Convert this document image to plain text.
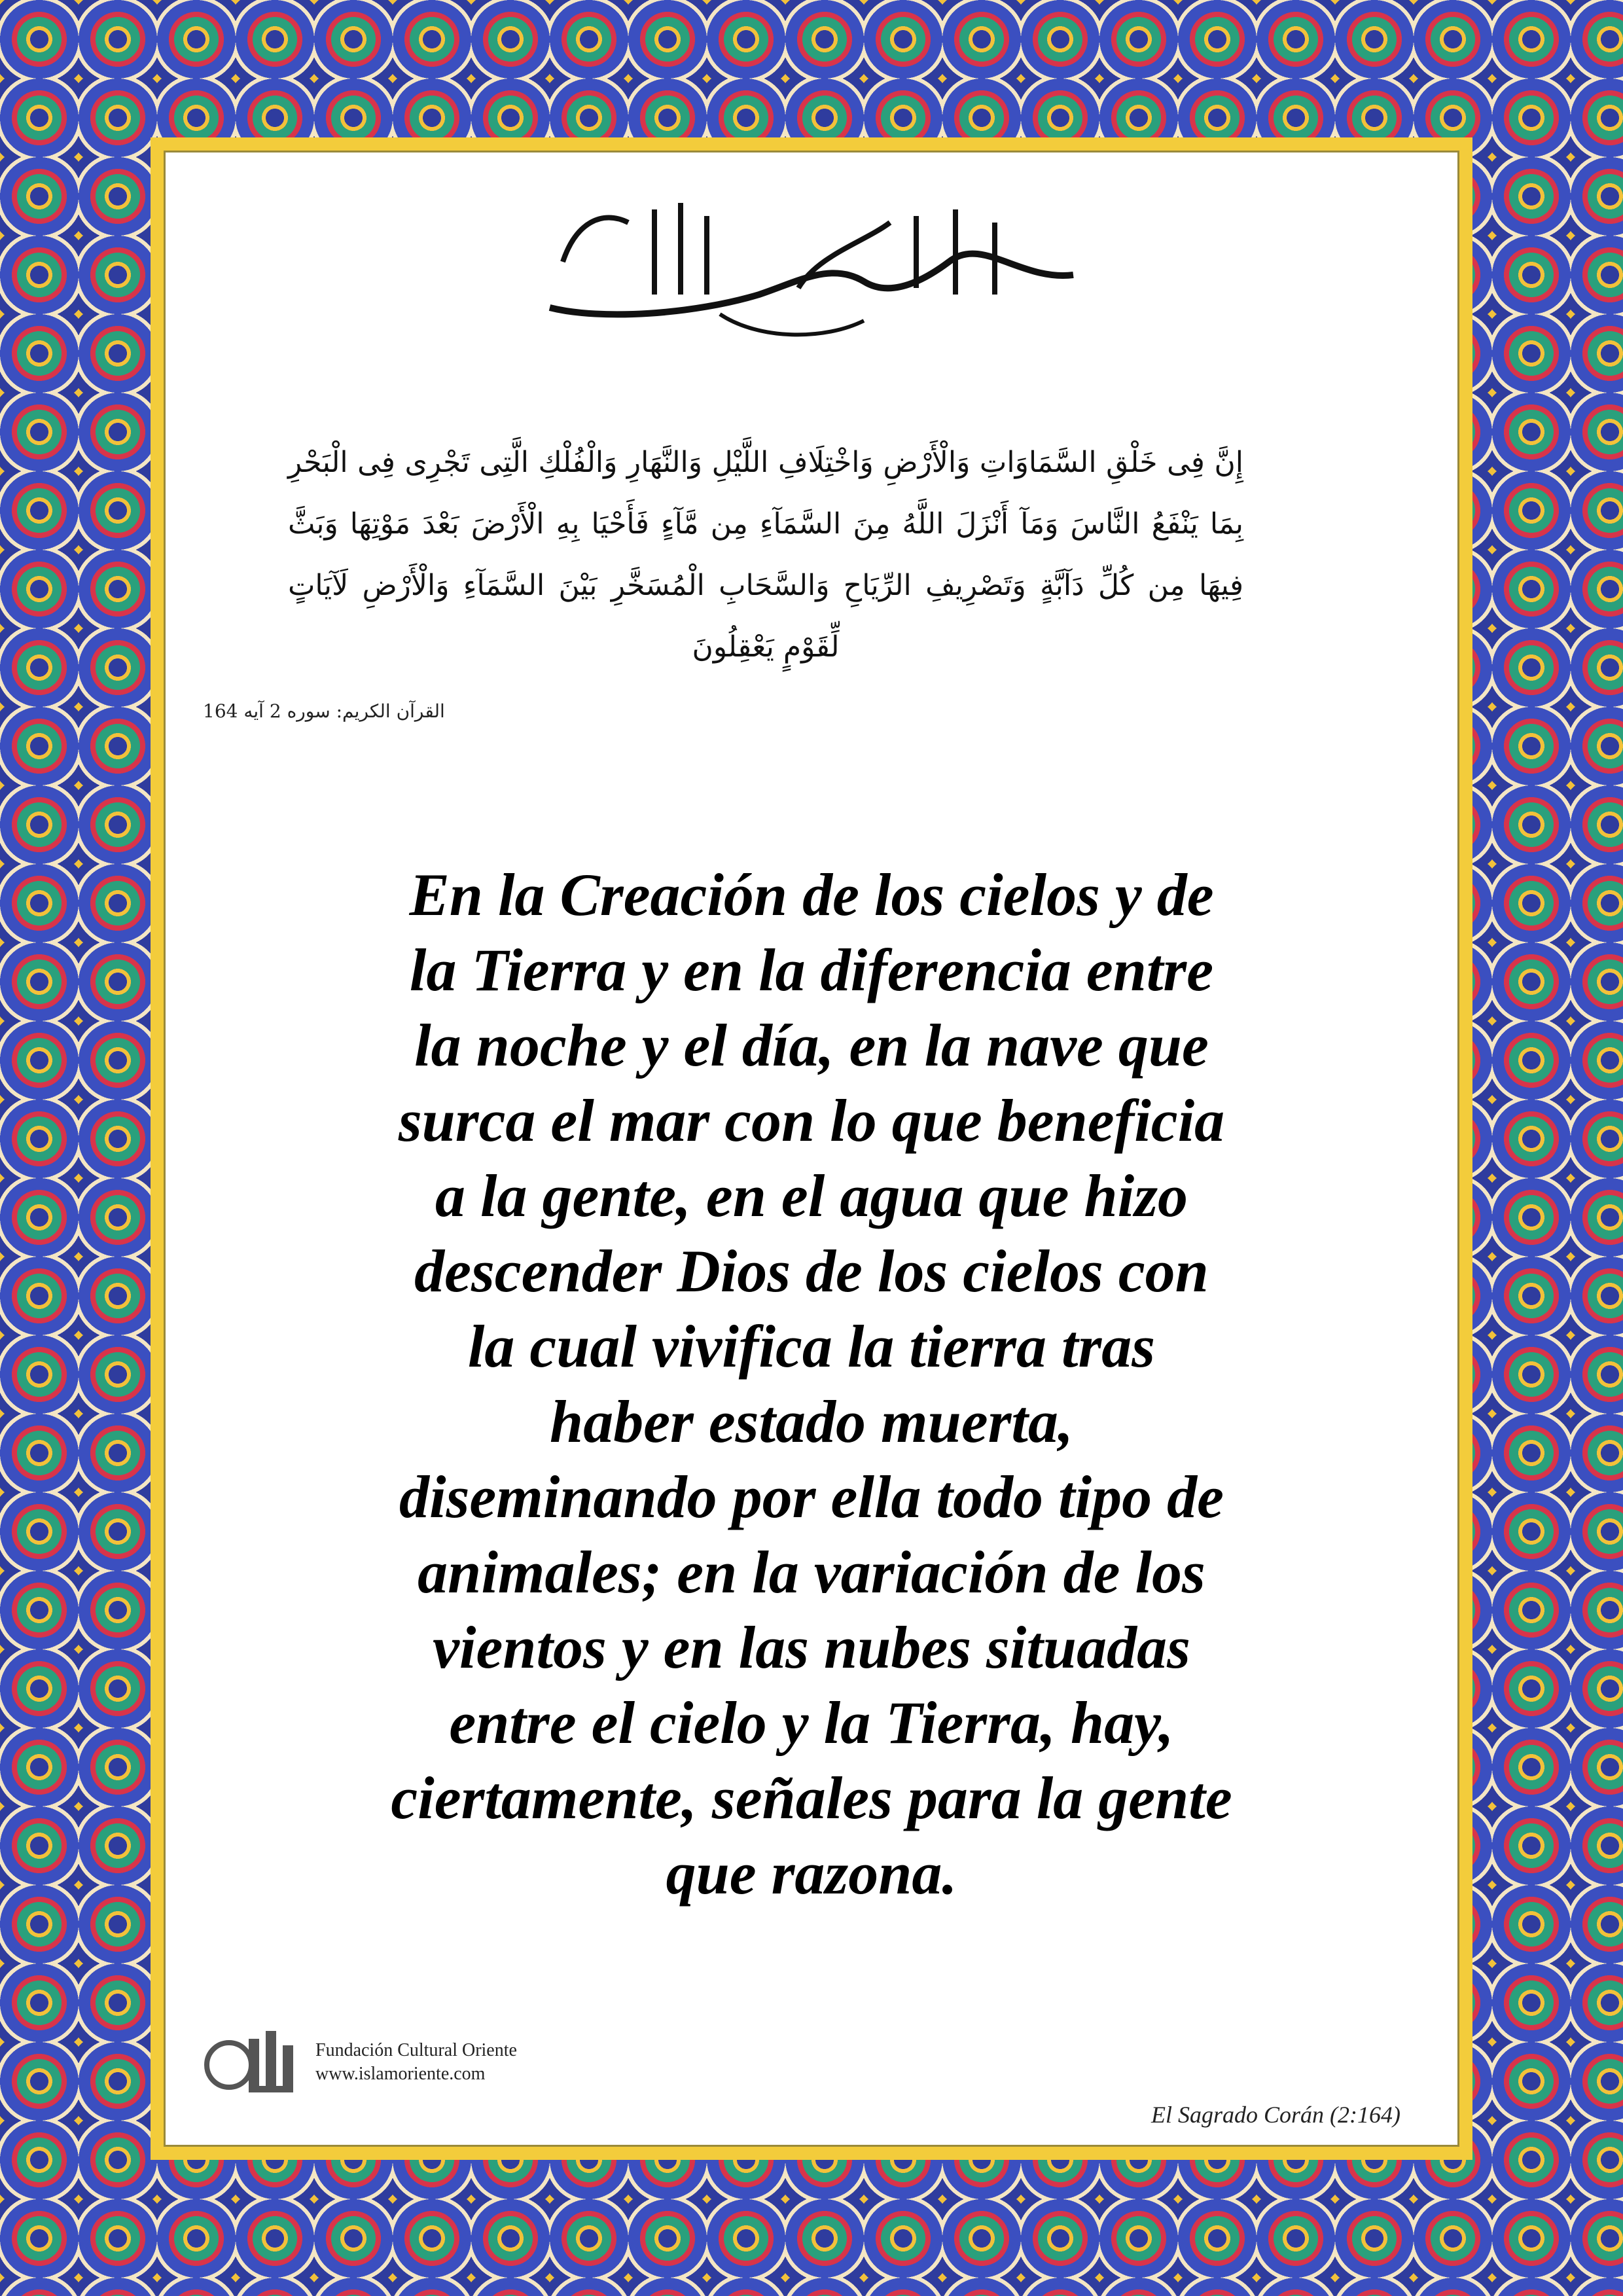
إِنَّ فِى خَلْقِ السَّمَاوَاتِ وَالْأَرْضِ وَاخْتِلَافِ اللَّيْلِ وَالنَّهَارِ وَالْفُلْكِ الَّتِى تَجْرِى فِى الْبَحْرِ بِمَا يَنْفَعُ النَّاسَ وَمَآ أَنْزَلَ اللَّهُ مِنَ السَّمَآءِ مِن مَّآءٍ فَأَحْيَا بِهِ الْأَرْضَ بَعْدَ مَوْتِهَا وَبَثَّ فِيهَا مِن كُلِّ دَآبَّةٍ وَتَصْرِيفِ الرِّيَاحِ وَالسَّحَابِ الْمُسَخَّرِ بَيْنَ السَّمَآءِ وَالْأَرْضِ لَآيَاتٍ لِّقَوْمٍ يَعْقِلُونَ
القرآن الكريم: سوره 2 آيه 164
En la Creación de los cielos y de
la Tierra y en la diferencia entre
la noche y el día, en la nave que
surca el mar con lo que beneficia
a la gente, en el agua que hizo
descender Dios de los cielos con
la cual vivifica la tierra tras
haber estado muerta,
diseminando por ella todo tipo de
animales; en la variación de los
vientos y en las nubes situadas
entre el cielo y la Tierra, hay,
ciertamente, señales para la gente
que razona.
Fundación Cultural Oriente
www.islamoriente.com
El Sagrado Corán (2:164)
